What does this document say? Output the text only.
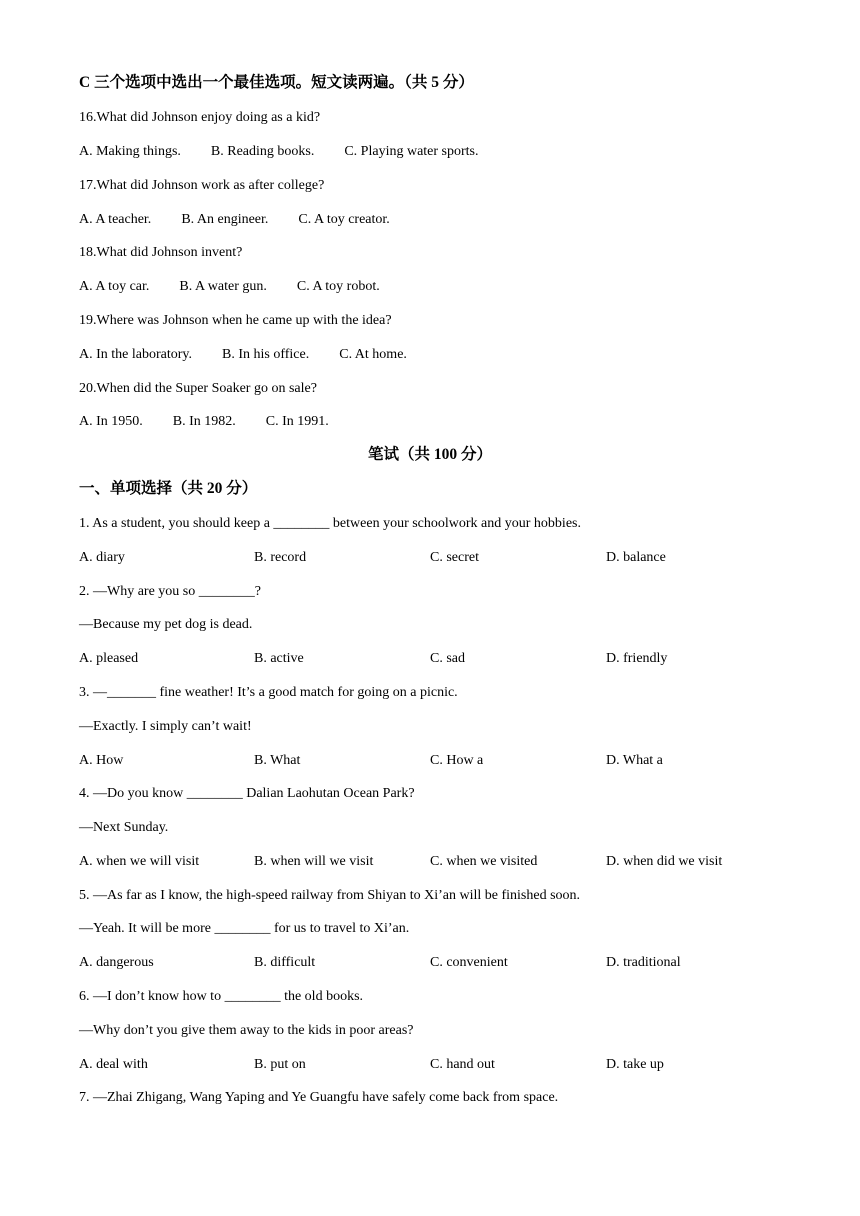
C 三个选项中选出一个最佳选项。短文读两遍。（共 5 分）
16.What did Johnson enjoy doing as a kid?
A. Making things. B. Reading books. C. Playing water sports.
17.What did Johnson work as after college?
A. A teacher. B. An engineer. C. A toy creator.
18.What did Johnson invent?
A. A toy car. B. A water gun. C. A toy robot.
19.Where was Johnson when he came up with the idea?
A. In the laboratory. B. In his office. C. At home.
20.When did the Super Soaker go on sale?
A. In 1950. B. In 1982. C. In 1991.
笔试（共 100 分）
一、单项选择（共 20 分）
1. As a student, you should keep a ________ between your schoolwork and your hobbies.
A. diary	B. record	C. secret	D. balance
2. —Why are you so ________?
—Because my pet dog is dead.
A. pleased	B. active	C. sad	D. friendly
3. —_______ fine weather! It’s a good match for going on a picnic.
—Exactly. I simply can’t wait!
A. How	B. What	C. How a	D. What a
4. —Do you know ________ Dalian Laohutan Ocean Park?
—Next Sunday.
A. when we will visit	B. when will we visit	C. when we visited	D. when did we visit
5. —As far as I know, the high-speed railway from Shiyan to Xi’an will be finished soon.
—Yeah. It will be more ________ for us to travel to Xi’an.
A. dangerous	B. difficult	C. convenient	D. traditional
6. —I don’t know how to ________ the old books.
—Why don’t you give them away to the kids in poor areas?
A. deal with	B. put on	C. hand out	D. take up
7. —Zhai Zhigang, Wang Yaping and Ye Guangfu have safely come back from space.
